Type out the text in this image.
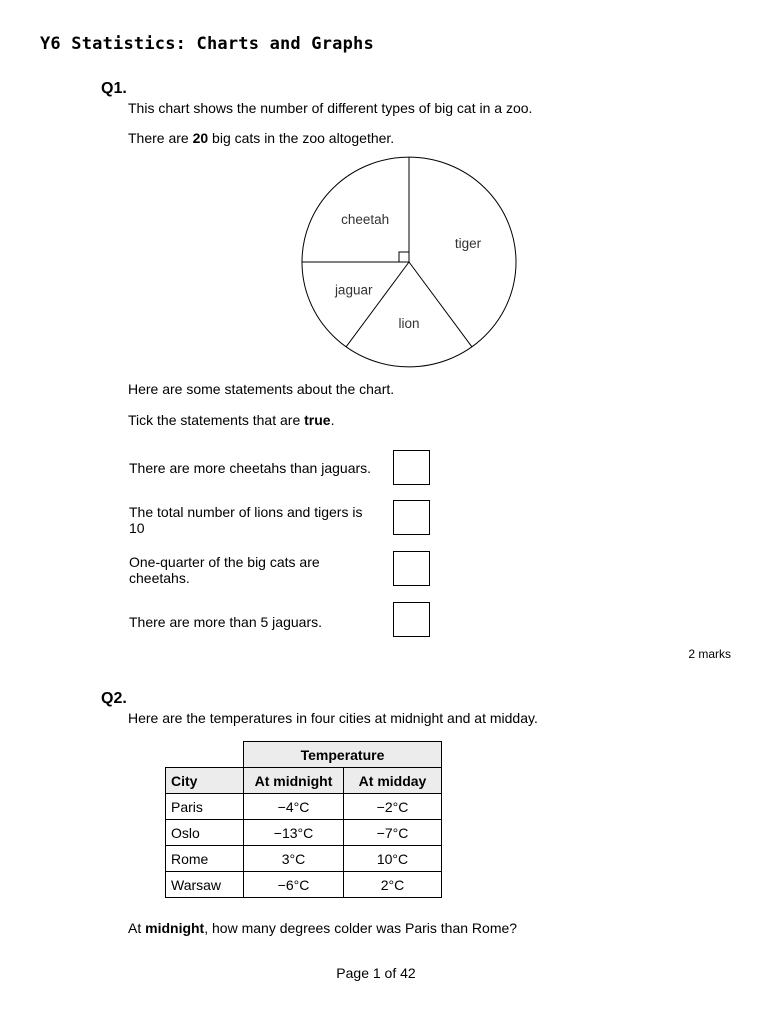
Y6 Statistics: Charts and Graphs
Q1.
This chart shows the number of different types of big cat in a zoo.
There are 20 big cats in the zoo altogether.
cheetah
tiger
lion
jaguar
Here are some statements about the chart.
Tick the statements that are true.
There are more cheetahs than jaguars.
The total number of lions and tigers is 10
One-quarter of the big cats are cheetahs.
There are more than 5 jaguars.
2 marks
Q2.
Here are the temperatures in four cities at midnight and at midday.
	Temperature	
City	At midnight	At midday
Paris	−4°C	−2°C
Oslo	−13°C	−7°C
Rome	3°C	10°C
Warsaw	−6°C	2°C
At midnight, how many degrees colder was Paris than Rome?
Page 1 of 42
